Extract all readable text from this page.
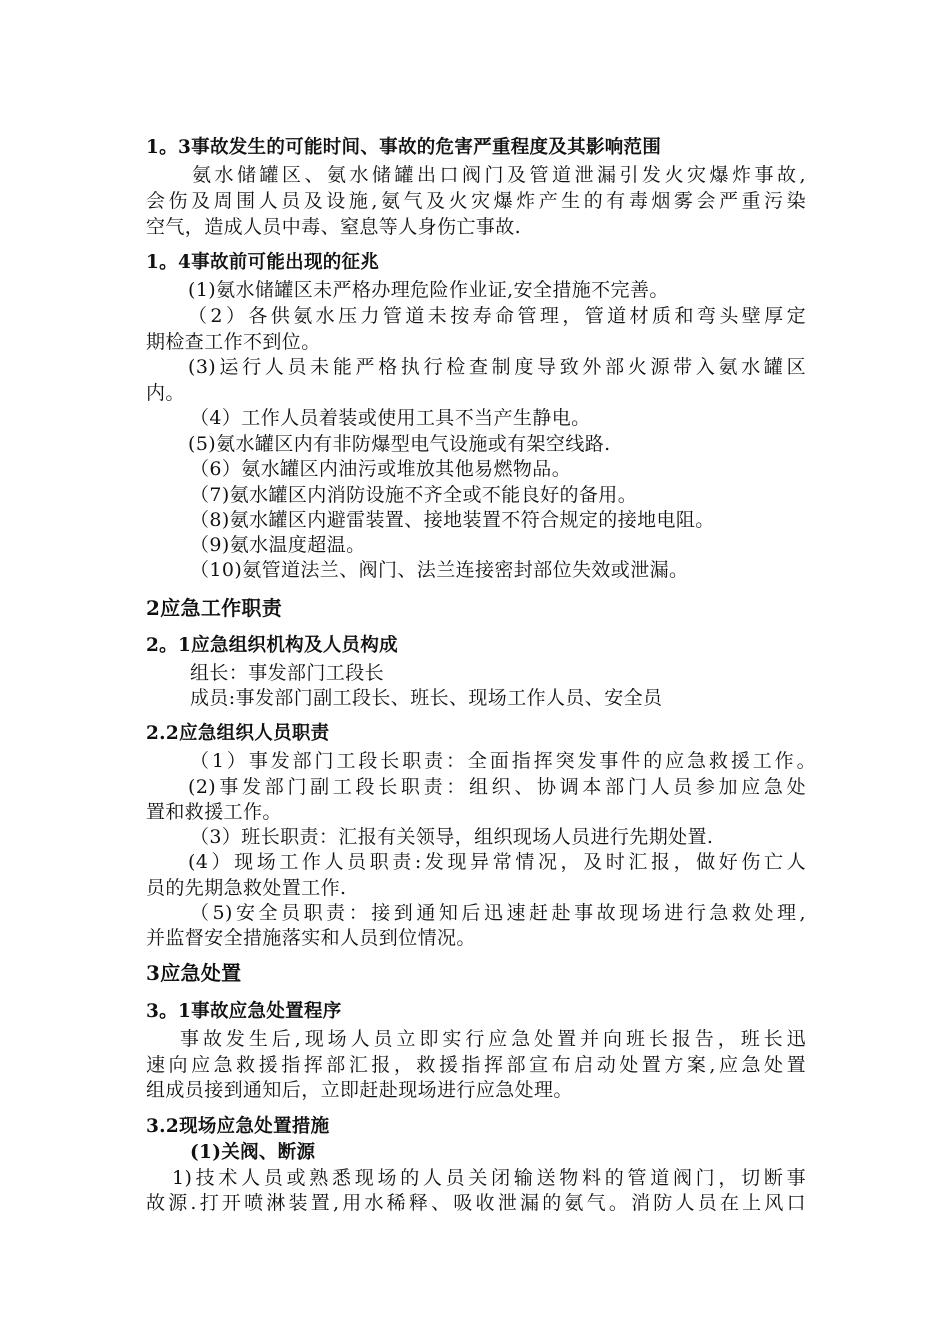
1。3事故发生的可能时间、事故的危害严重程度及其影响范围
氨水储罐区、氨水储罐出口阀门及管道泄漏引发火灾爆炸事故,
会伤及周围人员及设施,氨气及火灾爆炸产生的有毒烟雾会严重污染
空气，造成人员中毒、窒息等人身伤亡事故.
1。4事故前可能出现的征兆
(1)氨水储罐区未严格办理危险作业证,安全措施不完善。
（2）各供氨水压力管道未按寿命管理，管道材质和弯头壁厚定
期检查工作不到位。
(3)运行人员未能严格执行检查制度导致外部火源带入氨水罐区
内。
（4）工作人员着装或使用工具不当产生静电。
(5)氨水罐区内有非防爆型电气设施或有架空线路.
（6）氨水罐区内油污或堆放其他易燃物品。
（7)氨水罐区内消防设施不齐全或不能良好的备用。
（8)氨水罐区内避雷装置、接地装置不符合规定的接地电阻。
（9)氨水温度超温。
（10)氨管道法兰、阀门、法兰连接密封部位失效或泄漏。
2应急工作职责
2。1应急组织机构及人员构成
组长：事发部门工段长
成员:事发部门副工段长、班长、现场工作人员、安全员
2.2应急组织人员职责
（1）事发部门工段长职责：全面指挥突发事件的应急救援工作。
(2)事发部门副工段长职责：组织、协调本部门人员参加应急处
置和救援工作。
（3）班长职责：汇报有关领导，组织现场人员进行先期处置.
(4）现场工作人员职责:发现异常情况，及时汇报，做好伤亡人
员的先期急救处置工作.
（5)安全员职责：接到通知后迅速赶赴事故现场进行急救处理,
并监督安全措施落实和人员到位情况。
3应急处置
3。1事故应急处置程序
事故发生后,现场人员立即实行应急处置并向班长报告，班长迅
速向应急救援指挥部汇报，救援指挥部宣布启动处置方案,应急处置
组成员接到通知后，立即赶赴现场进行应急处理。
3.2现场应急处置措施
(1)关阀、断源
1)技术人员或熟悉现场的人员关闭输送物料的管道阀门，切断事
故源.打开喷淋装置,用水稀释、吸收泄漏的氨气。消防人员在上风口
